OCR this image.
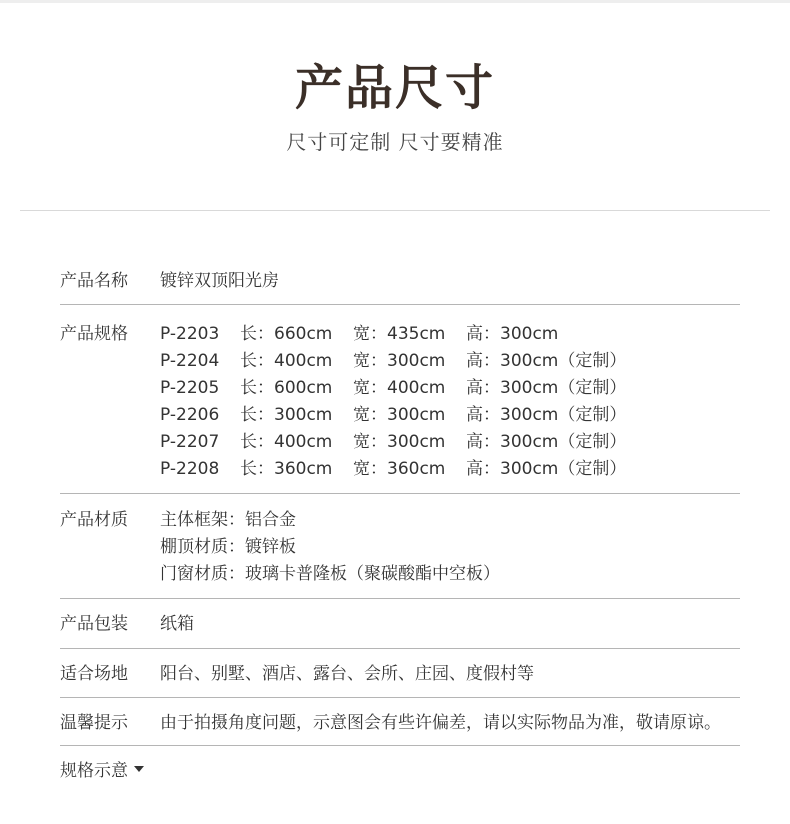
产品尺寸
尺寸可定制 尺寸要精准
产品名称	镀锌双顶阳光房
产品规格	P-2203	长：660cm	宽：435cm	高：300cm
P-2204	长：400cm	宽：300cm	高：300cm（定制）
P-2205	长：600cm	宽：400cm	高：300cm（定制）
P-2206	长：300cm	宽：300cm	高：300cm（定制）
P-2207	长：400cm	宽：300cm	高：300cm（定制）
P-2208	长：360cm	宽：360cm	高：300cm（定制）
产品材质	主体框架：铝合金
棚顶材质：镀锌板
门窗材质：玻璃卡普隆板（聚碳酸酯中空板）
产品包装	纸箱
适合场地	阳台、别墅、酒店、露台、会所、庄园、度假村等
温馨提示	由于拍摄角度问题，示意图会有些许偏差，请以实际物品为准，敬请原谅。
规格示意
